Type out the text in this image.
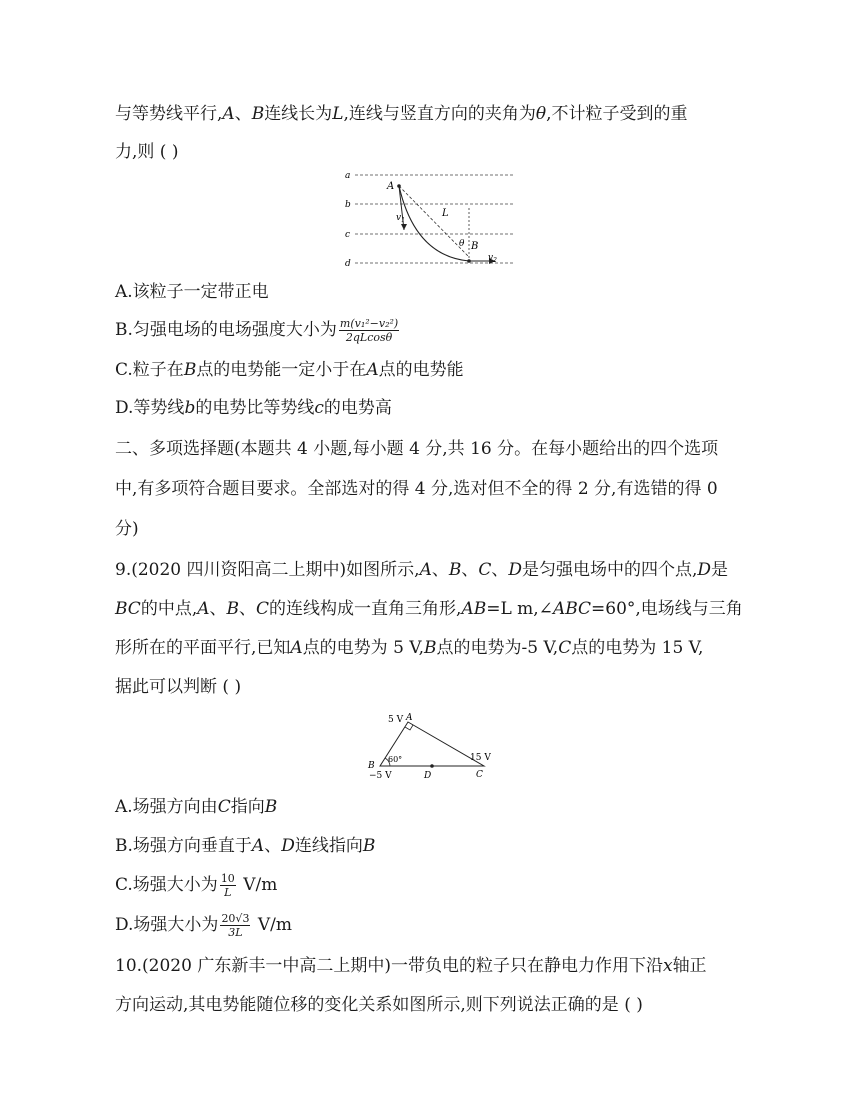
与等势线平行,A、B连线长为L,连线与竖直方向的夹角为θ,不计粒子受到的重
力,则 ( )
a
b
c
d
A
L
B
θ
$v_1$
$v_2$
A.该粒子一定带正电
B.匀强电场的电场强度大小为 $\frac{\text{m(v₁²−v₂²)}}{2qLcos\theta}$
C.粒子在B点的电势能一定小于在A点的电势能
D.等势线b的电势比等势线c的电势高
二、多项选择题(本题共 4 小题,每小题 4 分,共 16 分。在每小题给出的四个选项
中,有多项符合题目要求。全部选对的得 4 分,选对但不全的得 2 分,有选错的得 0
分)
9.(2020 四川资阳高二上期中)如图所示,A、B、C、D是匀强电场中的四个点,D是
BC的中点,A、B、C的连线构成一直角三角形,AB=L m,∠ABC=60°,电场线与三角
形所在的平面平行,已知A点的电势为 5 V,B点的电势为-5 V,C点的电势为 15 V,
据此可以判断 ( )
5 V A
60°
B
−5 V	D
15 V
C
A.场强方向由C指向B
B.场强方向垂直于A、D连线指向B
C.场强大小为 $\frac{10}{L} V/m$
D.场强大小为 $\frac{20√3}{3L} V/m$
10.(2020 广东新丰一中高二上期中)一带负电的粒子只在静电力作用下沿x轴正
方向运动,其电势能随位移的变化关系如图所示,则下列说法正确的是 ( )
